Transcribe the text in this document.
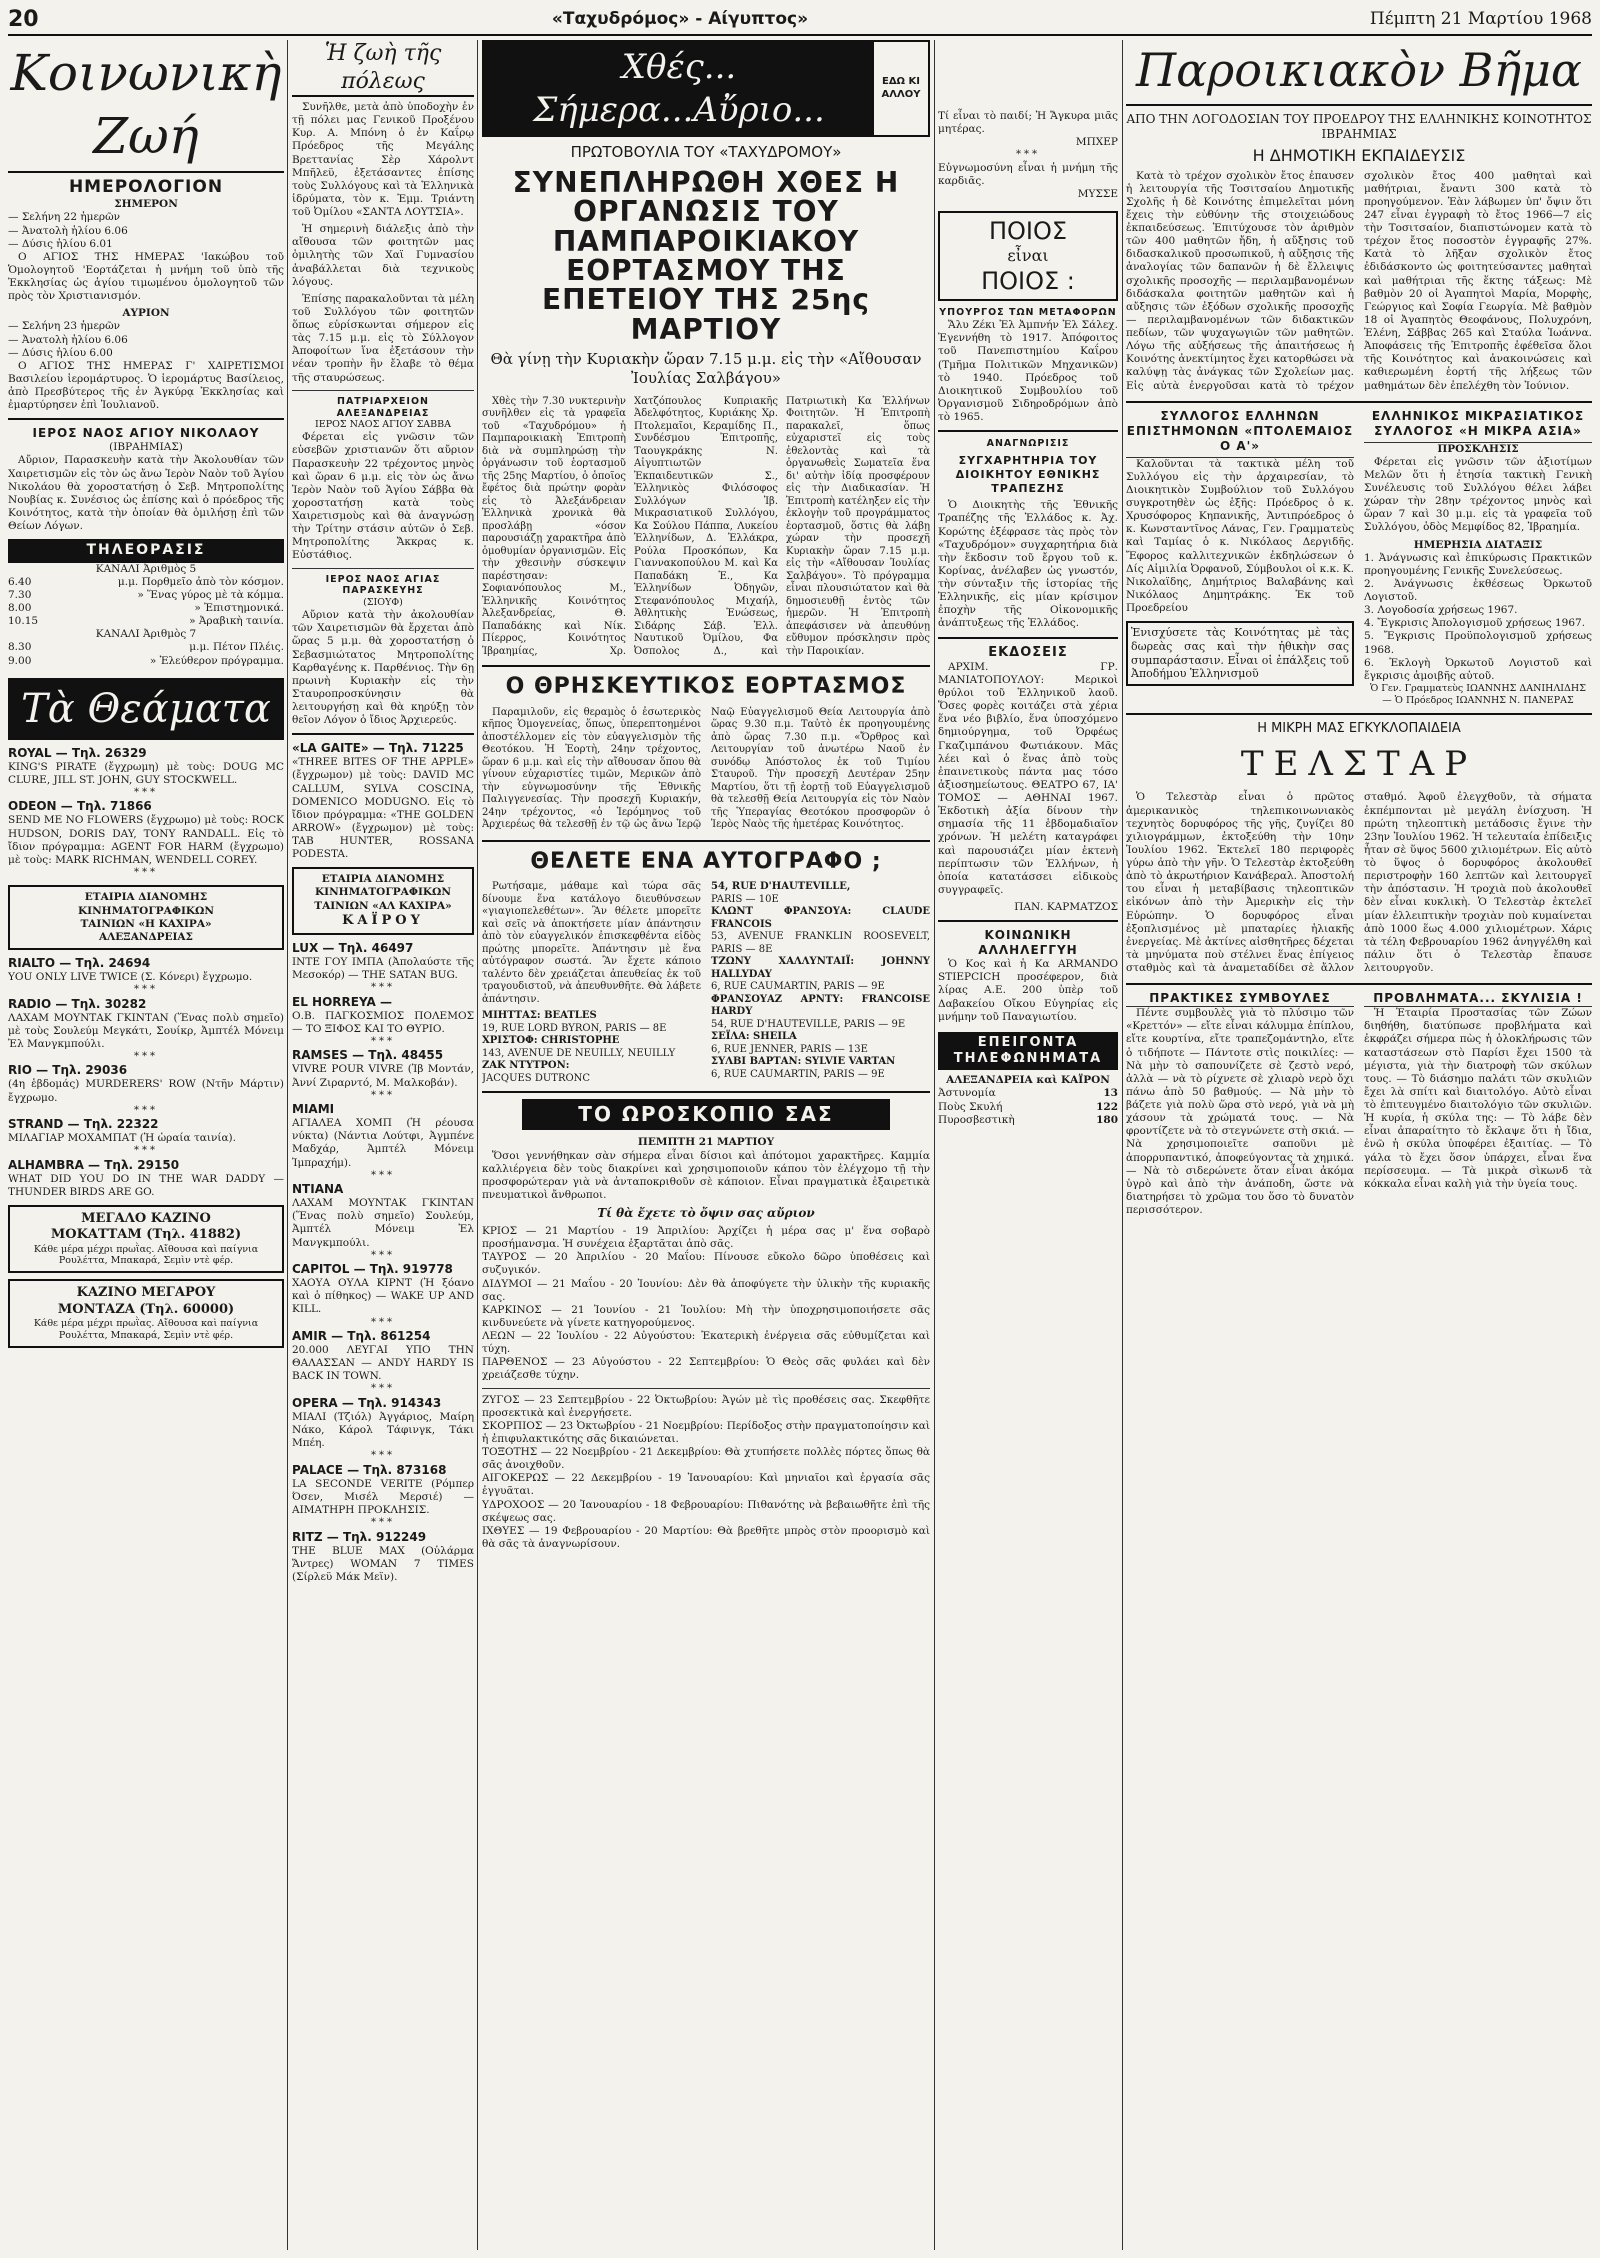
20	«Ταχυδρόμος» - Αίγυπτος»	Πέμπτη 21 Μαρτίου 1968
Κοινωνικὴ Ζωή
ΗΜΕΡΟΛΟΓΙΟΝ
ΣΗΜΕΡΟΝ
— Σελήνη 22 ἡμερῶν
— Ἀνατολὴ ἡλίου 6.06
— Δύσις ἡλίου 6.01

Ο ΑΓΙΟΣ ΤΗΣ ΗΜΕΡΑΣ 'Ιακώβου τοῦ Ὁμολογητοῦ 'Εορτάζεται ἡ μνήμη τοῦ ὑπὸ τῆς Ἐκκλησίας ὡς ἁγίου τιμωμένου ὁμολογητοῦ τῶν πρὸς τὸν Χριστιανισμόν.

ΑΥΡΙΟΝ
— Σελήνη 23 ἡμερῶν
— Ἀνατολὴ ἡλίου 6.06
— Δύσις ἡλίου 6.00

Ο ΑΓΙΟΣ ΤΗΣ ΗΜΕΡΑΣ Γ' ΧΑΙΡΕΤΙΣΜΟΙ Βασιλείου ἱερομάρτυρος. Ὁ ἱερομάρτυς Βασίλειος, ἀπὸ Πρεσβύτερος τῆς ἐν Ἀγκύρᾳ Ἐκκλησίας καὶ ἐμαρτύρησεν ἐπὶ Ἰουλιανοῦ.

ΙΕΡΟΣ ΝΑΟΣ ΑΓΙΟΥ ΝΙΚΟΛΑΟΥ
(ΙΒΡΑΗΜΙΑΣ)

Αὔριον, Παρασκευὴν κατὰ τὴν Ἀκολουθίαν τῶν Χαιρετισμῶν εἰς τὸν ὡς ἄνω Ἱερὸν Ναὸν τοῦ Ἁγίου Νικολάου θὰ χοροστατήσῃ ὁ Σεβ. Μητροπολίτης Νουβίας κ. Συνέσιος ὡς ἐπίσης καὶ ὁ πρόεδρος τῆς Κοινότητος, κατὰ τὴν ὁποίαν θὰ ὁμιλήσῃ ἐπὶ τῶν Θείων Λόγων.

ΤΗΛΕΟΡΑΣΙΣ
ΚΑΝΑΛΙ Ἀριθμὸς 5
6.40	μ.μ. Πορθμεῖο ἀπὸ τὸν κόσμον.
7.30	» Ἕνας γύρος μὲ τὰ κόμμα.
8.00	» Ἐπιστημονικά.
10.15	» Ἀραβικὴ ταινία.
ΚΑΝΑΛΙ Ἀριθμὸς 7
8.30	μ.μ. Πέτον Πλέις.
9.00	» Ἐλεύθερον πρόγραμμα.
Τὰ Θεάματα
ROYAL — Τηλ. 26329
KING'S PIRATE (ἔγχρωμη) μὲ τοὺς: DOUG MC CLURE, JILL ST. JOHN, GUY STOCKWELL.
***
ODEON — Τηλ. 71866
SEND ME NO FLOWERS (ἔγχρωμο) μὲ τοὺς: ROCK HUDSON, DORIS DAY, TONY RANDALL. Εἰς τὸ ἴδιον πρόγραμμα: AGENT FOR HARM (ἔγχρωμο) μὲ τοὺς: MARK RICHMAN, WENDELL COREY.
***
ΕΤΑΙΡΙΑ ΔΙΑΝΟΜΗΣ
ΚΙΝΗΜΑΤΟΓΡΑΦΙΚΩΝ
ΤΑΙΝΙΩΝ «Η ΚΑΧΙΡΑ»
ΑΛΕΞΑΝΔΡΕΙΑΣ
RIALTO — Τηλ. 24694
YOU ONLY LIVE TWICE (Σ. Κόνερι) ἔγχρωμο.
***
RADIO — Τηλ. 30282
ΛΑΧΑΜ ΜΟΥΝΤΑΚ ΓΚΙΝΤΑΝ (Ἕνας πολὺ σημεῖο) μὲ τοὺς Σουλεύμ Μεγκάτι, Σουίκρ, Ἀμπτέλ Μόνειμ Ἐλ Μανγκμπούλι.
***
RIO — Τηλ. 29036
(4η ἑβδομάς) MURDERERS' ROW (Ντῆν Μάρτιν) ἔγχρωμο.
***
STRAND — Τηλ. 22322
ΜΙΛΑΓΙΑΡ ΜΟΧΑΜΠΑΤ (Ἡ ὡραία ταινία).
***
ALHAMBRA — Τηλ. 29150
WHAT DID YOU DO IN THE WAR DADDY — THUNDER BIRDS ARE GO.
ΜΕΓΑΛΟ ΚΑΖΙΝΟ
ΜΟΚΑΤΤΑΜ (Τηλ. 41882)
Κάθε μέρα μέχρι πρωῒας. Αἴθουσα καὶ παίγνια Ρουλέττα, Μπακαρά, Σεμὶν ντὲ φέρ.
ΚΑΖΙΝΟ ΜΕΓΑΡΟΥ
ΜΟΝΤΑΖΑ (Τηλ. 60000)
Κάθε μέρα μέχρι πρωῒας. Αἴθουσα καὶ παίγνια Ρουλέττα, Μπακαρά, Σεμὶν ντὲ φέρ.
Ἡ ζωὴ τῆς πόλεως

Συνῆλθε, μετὰ ἀπὸ ὑποδοχὴν ἐν τῇ πόλει μας Γενικοῦ Προξένου Κυρ. Α. Μπόνη ὁ ἐν Καΐρῳ Πρόεδρος τῆς Μεγάλης Βρεττανίας Σὲρ Χάρολντ Μπῆλεϋ, ἐξετάσαντες ἐπίσης τοὺς Συλλόγους καὶ τὰ Ἑλληνικὰ ἱδρύματα, τὸν κ. Ἐμμ. Τριάντη τοῦ Ὀμίλου «ΣΑΝΤΑ ΛΟΥΤΣΙΑ».

Ἡ σημερινὴ διάλεξις ἀπὸ τὴν αἴθουσα τῶν φοιτητῶν μας ὁμιλητὴς τῶν Χαϊ Γυμνασίου ἀναβάλλεται διὰ τεχνικοὺς λόγους.

Ἐπίσης παρακαλοῦνται τὰ μέλη τοῦ Συλλόγου τῶν φοιτητῶν ὅπως εὑρίσκωνται σήμερον εἰς τὰς 7.15 μ.μ. εἰς τὸ Σύλλογον Ἀποφοίτων ἵνα ἐξετάσουν τὴν νέαν τροπὴν ἣν ἔλαβε τὸ θέμα τῆς σταυρώσεως.

ΠΑΤΡΙΑΡΧΕΙΟΝ ΑΛΕΞΑΝΔΡΕΙΑΣ
ΙΕΡΟΣ ΝΑΟΣ ΑΓΙΟΥ ΣΑΒΒΑ

Φέρεται εἰς γνῶσιν τῶν εὐσεβῶν χριστιανῶν ὅτι αὔριον Παρασκευὴν 22 τρέχοντος μηνὸς καὶ ὥραν 6 μ.μ. εἰς τὸν ὡς ἄνω Ἱερὸν Ναὸν τοῦ Ἁγίου Σάββα θὰ χοροστατήσῃ κατὰ τοὺς Χαιρετισμοὺς καὶ θὰ ἀναγνώσῃ τὴν Τρίτην στάσιν αὐτῶν ὁ Σεβ. Μητροπολίτης Ἄκκρας κ. Εὐστάθιος.

ΙΕΡΟΣ ΝΑΟΣ ΑΓΙΑΣ ΠΑΡΑΣΚΕΥΗΣ
(ΣΙΟΥΦ)

Αὔριον κατὰ τὴν ἀκολουθίαν τῶν Χαιρετισμῶν θὰ ἔρχεται ἀπὸ ὥρας 5 μ.μ. θὰ χοροστατήσῃ ὁ Σεβασμιώτατος Μητροπολίτης Καρθαγένης κ. Παρθένιος. Τὴν 6ῃ πρωινὴ Κυριακὴν εἰς τὴν Σταυροπροσκύνησιν θὰ λειτουργήσῃ καὶ θὰ κηρύξῃ τὸν θεῖον Λόγον ὁ ἴδιος Ἀρχιερεύς.

«LA GAITE» — Τηλ. 71225
«THREE BITES OF THE APPLE» (ἔγχρωμον) μὲ τοὺς: DAVID MC CALLUM, SYLVA COSCINA, DOMENICO MODUGNO. Εἰς τὸ ἴδιον πρόγραμμα: «THE GOLDEN ARROW» (ἔγχρωμον) μὲ τοὺς: TAB HUNTER, ROSSANA PODESTA.
ΕΤΑΙΡΙΑ ΔΙΑΝΟΜΗΣ
ΚΙΝΗΜΑΤΟΓΡΑΦΙΚΩΝ
ΤΑΙΝΙΩΝ «ΑΛ ΚΑΧΙΡΑ»
ΚΑΪΡΟΥ
LUX — Τηλ. 46497
ΙΝΤΕ ΓΟΥ ΙΜΠΑ (Ἀπολαύστε τῆς Μεσοκόρ) — THE SATAN BUG.
***
EL HORREYA —
Ο.Β. ΠΑΓΚΟΣΜΙΟΣ ΠΟΛΕΜΟΣ — ΤΟ ΞΙΦΟΣ ΚΑΙ ΤΟ ΘΥΡΙΟ.
***
RAMSES — Τηλ. 48455
VIVRE POUR VIVRE (Ἰβ Μοντάν, Ἀννί Ζιραρντό, Μ. Μαλκοβάν).
***
MIAMI
ΑΓΙΑΛΕΑ ΧΟΜΠ (Ἡ ρέουσα νύκτα) (Νάντια Λούτφι, Ἀγμπένε Μαδχάρ, Ἀμπτέλ Μόνειμ Ἰμπραχήμ).
***
ΝΤΙΑΝΑ
ΛΑΧΑΜ ΜΟΥΝΤΑΚ ΓΚΙΝΤΑΝ (Ἕνας πολὺ σημεῖο) Σουλεύμ, Ἀμπτέλ Μόνειμ Ἐλ Μανγκμπούλι.
***
CAPITOL — Τηλ. 919778
ΧΑΟΥΑ ΟΥΛΑ ΚΙΡΝΤ (Ἡ ξόανο καὶ ὁ πίθηκος) — WAKE UP AND KILL.
***
AMIR — Τηλ. 861254
20.000 ΛΕΥΓΑΙ ΥΠΟ ΤΗΝ ΘΑΛΑΣΣΑΝ — ANDY HARDY IS BACK IN TOWN.
***
OPERA — Τηλ. 914343
ΜΙΑΛΙ (Τζιόλ) Ἀγγάριος, Μαίρη Νάκο, Κάρολ Τάφινγκ, Τάκι Μπέη.
***
PALACE — Τηλ. 873168
LA SECONDE VERITE (Ρόμπερ Όσεν, Μισέλ Μερσιέ) — ΑΙΜΑΤΗΡΗ ΠΡΟΚΛΗΣΙΣ.
***
RITZ — Τηλ. 912249
THE BLUE MAX (Οὐλάρμα Ἄντρες) WOMAN 7 TIMES (Σίρλεϋ Μάκ Μεϊν).
Χθές... Σήμερα...Αὔριο...
ΕΔΩ ΚΙ ΑΛΛΟΥ
ΠΡΩΤΟΒΟΥΛΙΑ ΤΟΥ «ΤΑΧΥΔΡΟΜΟΥ»
ΣΥΝΕΠΛΗΡΩΘΗ ΧΘΕΣ Η ΟΡΓΑΝΩΣΙΣ ΤΟΥ ΠΑΜΠΑΡΟΙΚΙΑΚΟΥ ΕΟΡΤΑΣΜΟΥ ΤΗΣ ΕΠΕΤΕΙΟΥ ΤΗΣ 25ης ΜΑΡΤΙΟΥ
Θὰ γίνῃ τὴν Κυριακὴν ὥραν 7.15 μ.μ. εἰς τὴν «Αἴθουσαν Ἰουλίας Σαλβάγου»

Χθὲς τὴν 7.30 νυκτερινὴν συνῆλθεν εἰς τὰ γραφεῖα τοῦ «Ταχυδρόμου» ἡ Παμπαροικιακὴ Ἐπιτροπὴ διὰ νὰ συμπληρώσῃ τὴν ὀργάνωσιν τοῦ ἑορτασμοῦ τῆς 25ης Μαρτίου, ὁ ὁποῖος ἔφέτος διὰ πρώτην φορὰν εἰς τὸ Ἀλεξάνδρειαν Ἑλληνικὰ χρονικὰ θὰ προσλάβῃ «όσον παρουσιάζῃ χαρακτῆρα ἀπὸ ὁμοθυμίαν ὀργανισμῶν. Εἰς τὴν χθεσινὴν σύσκεψιν παρέστησαν: Σοφιανόπουλος Μ., Ἑλληνικῆς Κοινότητος Ἀλεξανδρείας, Θ. Παπαδάκης καὶ Νίκ. Πίερρος, Κοινότητος Ἰβραημίας, Χρ. Χατζόπουλος Κυπριακῆς Ἀδελφότητος, Κυριάκης Χρ. Πτολεμαῖοι, Κεραμίδης Π., Συνδέσμου Ἐπιτροπῆς, Ταουγκράκης Ν. Αἰγυπτιωτῶν Ἐκπαιδευτικῶν Σ., Ἐλληνικὸς Φιλόσοφος Συλλόγων Ἰβ. Μικρασιατικοῦ Συλλόγου, Κα Σούλου Πάππα, Λυκείου Ἑλληνίδων, Δ. Ἐλλάκρα, Ρούλα Προσκόπων, Κα Γιαννακοπούλου Μ. καὶ Κα Παπαδάκη Ἐ., Κα Ἑλληνίδων Ὀδηγῶν, Στεφανόπουλος Μιχαήλ, Ἀθλητικὴς Ἑνώσεως, Σιδάρης Σάβ. Ἑλλ. Ναυτικοῦ Ὀμίλου, Φα Ὀσπολος Δ., καὶ Πατριωτικὴ Κα Ἑλλήνων Φοιτητῶν. Ἡ Ἐπιτροπὴ παρακαλεῖ, ὅπως εὐχαριστεῖ εἰς τοὺς ἐθελοντὰς καὶ τὰ ὀργανωθεὶς Σωματεῖα ἕνα δι' αὐτὴν ἰδίᾳ προσφέρουν εἰς τὴν Διαδικασίαν. Ἡ Ἐπιτροπὴ κατέληξεν εἰς τὴν ἐκλογὴν τοῦ προγράμματος ἑορτασμοῦ, ὅστις θὰ λάβῃ χώραν τὴν προσεχῆ Κυριακὴν ὥραν 7.15 μ.μ. εἰς τὴν «Αἴθουσαν Ἰουλίας Σαλβάγου». Τὸ πρόγραμμα εἶναι πλουσιώτατον καὶ θὰ δημοσιευθῇ ἐντὸς τῶν ἡμερῶν. Ἡ Ἐπιτροπὴ ἀπεφάσισεν νὰ ἀπευθύνῃ εὔθυμον πρόσκλησιν πρὸς τὴν Παροικίαν.

Ο ΘΡΗΣΚΕΥΤΙΚΟΣ ΕΟΡΤΑΣΜΟΣ

Παραμιλοῦν, εἰς θεραμὸς ὁ ἐσωτερικὸς κῆπος Ὁμογενείας, ὅπως, ὑπερεπτοημένοι ἀποστέλλομεν εἰς τὸν εὐαγγελισμὸν τῆς Θεοτόκου. Ἡ Ἑορτὴ, 24ην τρέχοντος, ὥραν 6 μ.μ. καὶ εἰς τὴν αἴθουσαν ὅπου θὰ γίνουν εὐχαριστίες τιμῶν, Μερικῶν ἀπὸ τὴν εὐγνωμοσύνην τῆς Ἐθνικῆς Παλιγγενεσίας. Τὴν προσεχῆ Κυριακήν, 24ην τρέχοντος, «ὁ Ἱερόμηνος τοῦ Ἀρχιερέως θὰ τελεσθῇ ἐν τῷ ὡς ἄνω Ἱερῷ Ναῷ Εὐαγγελισμοῦ Θεία Λειτουργία ἀπὸ ὥρας 9.30 π.μ. Ταὐτὸ ἐκ προηγουμένης ἀπὸ ὥρας 7.30 π.μ. «Ὄρθρος καὶ Λειτουργίαν τοῦ ἀνωτέρω Ναοῦ ἐν συνόδῳ Ἀπόστολος ἐκ τοῦ Τιμίου Σταυροῦ. Τὴν προσεχῆ Δευτέραν 25ην Μαρτίου, ὅτι τῇ ἐορτῇ τοῦ Εὐαγγελισμοῦ θὰ τελεσθῇ Θεία Λειτουργία εἰς τὸν Ναὸν τῆς Ὑπεραγίας Θεοτόκου προσφορῶν ὁ Ἱερὸς Ναὸς τῆς ἡμετέρας Κοινότητος.

ΘΕΛΕΤΕ ΕΝΑ ΑΥΤΟΓΡΑΦΟ ;

Ρωτήσαμε, μάθαμε καὶ τώρα σᾶς δίνουμε ἕνα κατάλογο διευθύνσεων «γιαγιοπελεθέτων». Ἂν θέλετε μπορεῖτε καὶ σεῖς νὰ ἀποκτήσετε μίαν ἀπάντησιν ἀπὸ τὸν εὐαγγελικόν ἐπισκεφθέντα εἰδὸς πρώτης μπορεῖτε. Ἀπάντησιν μὲ ἕνα αὐτόγραφον σωστά. Ἂν ἔχετε κάποιο ταλέντο δὲν χρειάζεται ἀπευθείας ἐκ τοῦ τραγουδιστοῦ, νὰ ἀπευθυνθῆτε. Θὰ λάβετε ἀπάντησιν.

ΜΙΗΤΤΑΣ: BEATLES
19, RUE LORD BYRON, PARIS — 8E
ΧΡΙΣΤΟΦ: CHRISTOPHE
143, AVENUE DE NEUILLY, NEUILLY
ΖΑΚ ΝΤΥΤΡΟΝ:
JACQUES DUTRONC
54, RUE D'HAUTEVILLE,
PARIS — 10E
ΚΛΩΝΤ ΦΡΑΝΣΟΥΑ: CLAUDE FRANCOIS
53, AVENUE FRANKLIN ROOSEVELT, PARIS — 8E
ΤΖΩΝΥ ΧΑΛΛΥΝΤΑΙΪ: JOHNNY HALLYDAY
6, RUE CAUMARTIN, PARIS — 9E
ΦΡΑΝΣΟΥΑΖ ΑΡΝΤΥ: FRANCOISE HARDY
54, RUE D'HAUTEVILLE, PARIS — 9E
ΣΕΪΛΑ: SHEILA
6, RUE JENNER, PARIS — 13E
ΣΥΛΒΙ ΒΑΡΤΑΝ: SYLVIE VARTAN
6, RUE CAUMARTIN, PARIS — 9E
ΤΟ ΩΡΟΣΚΟΠΙΟ ΣΑΣ
ΠΕΜΠΤΗ 21 ΜΑΡΤΙΟΥ

Ὅσοι γεννήθηκαν σὰν σήμερα εἶναι δίσιοι καὶ ἀπότομοι χαρακτῆρες. Καμμία καλλιέργεια δὲν τοὺς διακρίνει καὶ χρησιμοποιοῦν κάπου τὸν ἐλέγχομο τῇ τὴν προσφορώτεραν γιὰ νὰ ἀνταποκριθοῦν σὲ κάποιον. Εἶναι πραγματικὰ ἐξαιρετικὰ πνευματικοὶ ἄνθρωποι.

Τί θὰ ἔχετε τὸ ὄψιν σας αὔριον
ΚΡΙΟΣ — 21 Μαρτίου - 19 Ἀπριλίου: Ἀρχίζει ἡ μέρα σας μ' ἕνα σοβαρὸ προσήμανσμα. Ἡ συνέχεια ἐξαρτᾶται ἀπὸ σᾶς.
ΤΑΥΡΟΣ — 20 Ἀπριλίου - 20 Μαΐου: Πίνουσε εὔκολο δῶρο ὑποθέσεις καὶ συζυγικόν.
ΔΙΔΥΜΟΙ — 21 Μαΐου - 20 Ἰουνίου: Δὲν θὰ ἀποφύγετε τὴν ὑλικὴν τῆς κυριακῆς σας.
ΚΑΡΚΙΝΟΣ — 21 Ἰουνίου - 21 Ἰουλίου: Μὴ τὴν ὑποχρησιμοποιήσετε σᾶς κινδυνεύετε νὰ γίνετε κατηγορούμενος.
ΛΕΩΝ — 22 Ἰουλίου - 22 Αὐγούστου: Ἐκατερικὴ ἐνέργεια σᾶς εὐθυμίζεται καὶ τύχη.
ΠΑΡΘΕΝΟΣ — 23 Αὐγούστου - 22 Σεπτεμβρίου: Ὁ Θεὸς σᾶς φυλάει καὶ δὲν χρειάζεσθε τύχην.
ΖΥΓΟΣ — 23 Σεπτεμβρίου - 22 Ὀκτωβρίου: Ἀγών μὲ τὶς προθέσεις σας. Σκεφθῆτε προσεκτικὰ καὶ ἐνεργήσετε.
ΣΚΟΡΠΙΟΣ — 23 Ὀκτωβρίου - 21 Νοεμβρίου: Περίδοξος στὴν πραγματοποίησιν καὶ ἡ ἐπιφυλακτικότης σᾶς δικαιώνεται.
ΤΟΞΟΤΗΣ — 22 Νοεμβρίου - 21 Δεκεμβρίου: Θὰ χτυπήσετε πολλὲς πόρτες ὅπως θὰ σᾶς ἀνοιχθοῦν.
ΑΙΓΟΚΕΡΩΣ — 22 Δεκεμβρίου - 19 Ἰανουαρίου: Καὶ μηνιαῖοι καὶ ἐργασία σᾶς ἐγγυᾶται.
ΥΔΡΟΧΟΟΣ — 20 Ἰανουαρίου - 18 Φεβρουαρίου: Πιθανότης νὰ βεβαιωθῆτε ἐπὶ τῆς σκέψεως σας.
ΙΧΘΥΕΣ — 19 Φεβρουαρίου - 20 Μαρτίου: Θὰ βρεθῆτε μπρὸς στὸν προορισμὸ καὶ θὰ σᾶς τὰ ἀναγνωρίσουν.
Τί εἶναι τὸ παιδί; Ἡ Ἄγκυρα μιᾶς μητέρας.
ΜΠΧΕΡ
***
Εὐγνωμοσύνη εἶναι ἡ μνήμη τῆς καρδιᾶς.
ΜΥΣΣΕ
ΠΟΙΟΣ
εἶναι
ΠΟΙΟΣ :
ΥΠΟΥΡΓΟΣ ΤΩΝ ΜΕΤΑΦΟΡΩΝ

Ἄλυ Ζέκι Ἐλ Ἀμπνήν Ἐλ Σάλεχ. Ἐγεννήθη τὸ 1917. Ἀπόφοιτος τοῦ Πανεπιστημίου Καΐρου (Τμῆμα Πολιτικῶν Μηχανικῶν) τὸ 1940. Πρόεδρος τοῦ Διοικητικοῦ Συμβουλίου τοῦ Ὀργανισμοῦ Σιδηροδρόμων ἀπὸ τὸ 1965.

ΑΝΑΓΝΩΡΙΣΙΣ
ΣΥΓΧΑΡΗΤΗΡΙΑ ΤΟΥ ΔΙΟΙΚΗΤΟΥ ΕΘΝΙΚΗΣ ΤΡΑΠΕΖΗΣ

Ὁ Διοικητὴς τῆς Ἐθνικῆς Τραπέζης τῆς Ἑλλάδος κ. Ἀχ. Κορώτης ἐξέφρασε τὰς πρὸς τὸν «Ταχυδρόμον» συγχαρητήρια διὰ τὴν ἔκδοσιν τοῦ ἔργου τοῦ κ. Κορίνας, ἀνέλαβεν ὡς γνωστόν, τὴν σύνταξιν τῆς ἱστορίας τῆς Ἑλληνικῆς, εἰς μίαν κρίσιμον ἐποχὴν τῆς Οἰκονομικῆς ἀνάπτυξεως τῆς Ἑλλάδος.

ΕΚΔΟΣΕΙΣ

ΑΡΧΙΜ. ΓΡ. ΜΑΝΙΑΤΟΠΟΥΛΟΥ: Μερικοὶ θρύλοι τοῦ Ἑλληνικοῦ λαοῦ. Ὅσες φορὲς κοιτάζει στὰ χέρια ἕνα νέο βιβλίο, ἕνα ὑποσχόμενο δημιούργημα, τοῦ Ὀρφέως Γκαζιμπάνου Φωτιάκουν. Μᾶς λέει καὶ ὁ ἕνας ἀπὸ τοὺς ἐπαινετικοὺς πάντα μας τόσο ἀξιοσημείωτους. ΘΕΑΤΡΟ 67, ΙΑ' ΤΟΜΟΣ — ΑΘΗΝΑΙ 1967. Ἐκδοτικὴ ἀξία δίνουν τὴν σημασία τῆς 11 ἑβδομαδιαῖον χρόνων. Ἡ μελέτη καταγράφει καὶ παρουσιάζει μίαν ἐκτενὴ περίπτωσιν τῶν Ἑλλήνων, ἡ ὁποία κατατάσσει εἰδικοὺς συγγραφεῖς.

ΠΑΝ. ΚΑΡΜΑΤΖΟΣ
ΚΟΙΝΩΝΙΚΗ ΑΛΛΗΛΕΓΓΥΗ

Ὁ Κος καὶ ἡ Κα ARMANDO STIEPCICH προσέφερον, διὰ λίρας Α.Ε. 200 ὑπὲρ τοῦ Δαβακείου Οἴκου Εὐγηρίας εἰς μνήμην τοῦ Παναγιωτίου.

ΕΠΕΙΓΟΝΤΑ ΤΗΛΕΦΩΝΗΜΑΤΑ
ΑΛΕΞΑΝΔΡΕΙΑ καὶ ΚΑΪΡΟΝ
Ἀστυνομία	13
Ποὺς Σκυλή	122
Πυροσβεστικὴ	180
Παροικιακὸν Βῆμα
ΑΠΟ ΤΗΝ ΛΟΓΟΔΟΣΙΑΝ ΤΟΥ ΠΡΟΕΔΡΟΥ ΤΗΣ ΕΛΛΗΝΙΚΗΣ ΚΟΙΝΟΤΗΤΟΣ ΙΒΡΑΗΜΙΑΣ
Η ΔΗΜΟΤΙΚΗ ΕΚΠΑΙΔΕΥΣΙΣ

Κατὰ τὸ τρέχον σχολικὸν ἔτος ἐπαυσεν ἡ λειτουργία τῆς Τοσιτσαίου Δημοτικῆς Σχολῆς ἡ δὲ Κοινότης ἐπιμελεῖται μόνη ἔχεις τὴν εὐθύνην τῆς στοιχειώδους ἐκπαιδεύσεως. Ἐπιτύχουσε τὸν ἀριθμὸν τῶν 400 μαθητῶν ἤδη, ἡ αὔξησις τοῦ διδασκαλικοῦ προσωπικοῦ, ἡ αὔξησις τῆς ἀναλογίας τῶν δαπανῶν ἡ δὲ ἔλλειψις σχολικῆς προσοχῆς — περιλαμβανομένων διδάσκαλα φοιτητῶν μαθητῶν καὶ ἡ αὔξησις τῶν ἐξόδων σχολικῆς προσοχῆς — περιλαμβανομένων τῶν διδακτικῶν πεδίων, τῶν ψυχαγωγιῶν τῶν μαθητῶν. Λόγω τῆς αὐξήσεως τῆς ἀπαιτήσεως ἡ Κοινότης ἀνεκτίμητος ἔχει κατορθώσει νὰ καλύψῃ τὰς ἀνάγκας τῶν Σχολείων μας. Εἰς αὐτὰ ἐνεργοῦσαι κατὰ τὸ τρέχον σχολικὸν ἔτος 400 μαθηταὶ καὶ μαθήτριαι, ἔναντι 300 κατὰ τὸ προηγούμενον. Ἐὰν λάβωμεν ὑπ' ὄψιν ὅτι 247 εἶναι ἐγγραφὴ τὸ ἔτος 1966—7 εἰς τὴν Τοσιτσαίον, διαπιστώνομεν κατὰ τὸ τρέχον ἔτος ποσοστὸν ἐγγραφῆς 27%. Κατὰ τὸ λῆξαν σχολικὸν ἔτος ἐδιδάσκοντο ὡς φοιτητεύσαντες μαθηταὶ καὶ μαθήτριαι τῆς ἕκτης τάξεως: Μὲ βαθμὸν 20 οἱ Ἀγαπητοὶ Μαρία, Μορφὴς, Γεώργιος καὶ Σοφία Γεωργία. Μὲ βαθμὸν 18 οἱ Ἀγαπητὸς Θεοφάνους, Πολυχρόνη, Ἑλένη, Σάββας 265 καὶ Σταύλα Ἰωάννα. Ἀποφάσεις τῆς Ἐπιτροπῆς ἐφέθεῖσα ὅλοι τῆς Κοινότητος καὶ ἀνακοινώσεις καὶ καθιερωμένη ἑορτή τῆς λήξεως τῶν μαθημάτων δὲν ἐπελέχθη τὸν Ἰούνιον.

ΣΥΛΛΟΓΟΣ ΕΛΛΗΝΩΝ ΕΠΙΣΤΗΜΟΝΩΝ «ΠΤΟΛΕΜΑΙΟΣ Ο Α'»

Καλοῦνται τὰ τακτικὰ μέλη τοῦ Συλλόγου εἰς τὴν ἀρχαιρεσίαν, τὸ Διοικητικὸν Συμβούλιον τοῦ Συλλόγου συγκροτηθὲν ὡς ἑξῆς: Πρόεδρος ὁ κ. Χρυσόφορος Κηπανικῆς, Ἀντιπρόεδρος ὁ κ. Κωνσταντῖνος Λάνας, Γεν. Γραμματεὺς καὶ Ταμίας ὁ κ. Νικόλαος Δεργιδῆς. Ἔφορος καλλιτεχνικῶν ἐκδηλώσεων ὁ Δίς Αἰμιλία Ὀρφανοῦ, Σύμβουλοι οἱ κ.κ. Κ. Νικολαϊδης, Δημήτριος Βαλαβάνης καὶ Νικόλαος Δημητράκης. Ἐκ τοῦ Προεδρείου

Ἐνισχύσετε τὰς Κοινότητας μὲ τὰς δωρεὰς σας καὶ τὴν ἠθικὴν σας συμπαράστασιν. Εἶναι οἱ ἐπάλξεις τοῦ Ἀποδήμου Ἑλληνισμοῦ
ΕΛΛΗΝΙΚΟΣ ΜΙΚΡΑΣΙΑΤΙΚΟΣ ΣΥΛΛΟΓΟΣ «Η ΜΙΚΡΑ ΑΣΙΑ»
ΠΡΟΣΚΛΗΣΙΣ

Φέρεται εἰς γνῶσιν τῶν ἀξιοτίμων Μελῶν ὅτι ἡ ἐτησία τακτικὴ Γενικὴ Συνέλευσις τοῦ Συλλόγου θέλει λάβει χώραν τὴν 28ην τρέχοντος μηνὸς καὶ ὥραν 7 καὶ 30 μ.μ. εἰς τὰ γραφεῖα τοῦ Συλλόγου, ὁδὸς Μεμφίδος 82, Ἰβραημία.

ΗΜΕΡΗΣΙΑ ΔΙΑΤΑΞΙΣ
1. Ἀνάγνωσις καὶ ἐπικύρωσις Πρακτικῶν προηγουμένης Γενικῆς Συνελεύσεως.
2. Ἀνάγνωσις ἐκθέσεως Ὀρκωτοῦ Λογιστοῦ.
3. Λογοδοσία χρήσεως 1967.
4. Ἔγκρισις Ἀπολογισμοῦ χρήσεως 1967.
5. Ἔγκρισις Προϋπολογισμοῦ χρήσεως 1968.
6. Ἐκλογὴ Ὀρκωτοῦ Λογιστοῦ καὶ ἔγκρισις ἀμοιβῆς αὐτοῦ.
Ὁ Γεν. Γραμματεὺς ΙΩΑΝΝΗΣ ΔΑΝΙΗΛΙΔΗΣ — Ὁ Πρόεδρος ΙΩΑΝΝΗΣ Ν. ΠΑΝΕΡΑΣ
Η ΜΙΚΡΗ ΜΑΣ ΕΓΚΥΚΛΟΠΑΙΔΕΙΑ
ΤΕΛΣΤΑΡ

Ὁ Τελεστὰρ εἶναι ὁ πρῶτος ἀμερικανικὸς τηλεπικοινωνιακὸς τεχνητὸς δορυφόρος τῆς γῆς, ζυγίζει 80 χιλιογράμμων, ἐκτοξεύθη τὴν 10ην Ἰουλίου 1962. Ἐκτελεῖ 180 περιφορὲς γύρω ἀπὸ τὴν γῆν. Ὁ Τελεστὰρ ἐκτοξεύθη ἀπὸ τὸ ἀκρωτήριον Κανάβεραλ. Ἀποστολή του εἶναι ἡ μεταβίβασις τηλεοπτικῶν εἰκόνων ἀπὸ τὴν Ἀμερικὴν εἰς τὴν Εὐρώπην. Ὁ δορυφόρος εἶναι ἐξοπλισμένος μὲ μπαταρίες ἡλιακῆς ἐνεργείας. Μὲ ἀκτίνες αἰσθητῆρες δέχεται τὰ μηνύματα ποὺ στέλνει ἕνας ἐπίγειος σταθμὸς καὶ τὰ ἀναμεταδίδει σὲ ἄλλον σταθμό. Ἀφοῦ ἐλεγχθοῦν, τὰ σήματα ἐκπέμπονται μὲ μεγάλη ἐνίσχυση. Ἡ πρώτη τηλεοπτικὴ μετάδοσις ἔγινε τὴν 23ην Ἰουλίου 1962. Ἡ τελευταία ἐπίδειξις ἦταν σὲ ὕψος 5600 χιλιομέτρων. Εἰς αὐτὸ τὸ ὕψος ὁ δορυφόρος ἀκολουθεῖ περιστροφὴν 160 λεπτῶν καὶ λειτουργεῖ τὴν ἀπόστασιν. Ἡ τροχιὰ ποὺ ἀκολουθεῖ δὲν εἶναι κυκλικὴ. Ὁ Τελεστὰρ ἐκτελεῖ μίαν ἐλλειπτικὴν τροχιὰν ποὺ κυμαίνεται ἀπὸ 1000 ἕως 4.000 χιλιομέτρων. Χάρις τὰ τέλη Φεβρουαρίου 1962 ἀνηγγέλθη καὶ πάλιν ὅτι ὁ Τελεστὰρ ἔπαυσε λειτουργοῦν.

ΠΡΑΚΤΙΚΕΣ ΣΥΜΒΟΥΛΕΣ

Πέντε συμβουλὲς γιὰ τὸ πλύσιμο τῶν «Κρεττόν» — εἴτε εἶναι κάλυμμα ἐπίπλου, εἴτε κουρτίνα, εἴτε τραπεζομάντηλο, εἴτε ὁ τιδήποτε — Πάντοτε στὶς ποικιλίες: — Νὰ μὴν τὸ σαπουνίζετε σὲ ζεστὸ νερό, ἀλλὰ — νὰ τὸ ρίχνετε σὲ χλιαρὸ νερὸ ὄχι πάνω ἀπὸ 50 βαθμούς. — Νὰ μὴν τὸ βάζετε γιὰ πολὺ ὥρα στὸ νερό, γιὰ νὰ μὴ χάσουν τὰ χρώματά τους. — Νὰ φροντίζετε νὰ τὸ στεγνώνετε στὴ σκιά. — Νὰ χρησιμοποιεῖτε σαποῦνι μὲ ἀπορρυπαντικό, ἀποφεύγοντας τὰ χημικά. — Νὰ τὸ σιδερώνετε ὅταν εἶναι ἀκόμα ὑγρὸ καὶ ἀπὸ τὴν ἀνάποδη, ὥστε νὰ διατηρήσει τὸ χρῶμα του ὅσο τὸ δυνατὸν περισσότερον.

ΠΡΟΒΛΗΜΑΤΑ... ΣΚΥΛΙΣΙΑ !

Ἡ Ἑταιρία Προστασίας τῶν Ζώων διηθήθη, διατύπωσε προβλήματα καὶ ἐκφράζει σήμερα πὼς ἡ ὁλοκλήρωσις τῶν καταστάσεων στὸ Παρίσι ἔχει 1500 τὰ μέγιστα, γιὰ τὴν διατροφὴ τῶν σκύλων τους. — Τὸ διάσημο παλάτι τῶν σκυλιῶν ἔχει λὰ σπίτι καὶ διαιτολόγο. Αὐτὸ εἶναι τὸ ἐπιτευγμένο διαιτολόγιο τῶν σκυλιῶν. Ἡ κυρία, ἡ σκύλα της: — Τὸ λάβε δὲν εἶναι ἀπαραίτητο τὸ ἔκλαψε ὅτι ἡ ἴδια, ἐνῶ ἡ σκύλα ὑποφέρει ἐξαιτίας. — Τὸ γάλα τὸ ἔχει ὅσον ὑπάρχει, εἶναι ἕνα περίσσευμα. — Τὰ μικρὰ σὶκωνδ τὰ κόκκαλα εἶναι καλὴ γιὰ τὴν ὑγεία τους.
